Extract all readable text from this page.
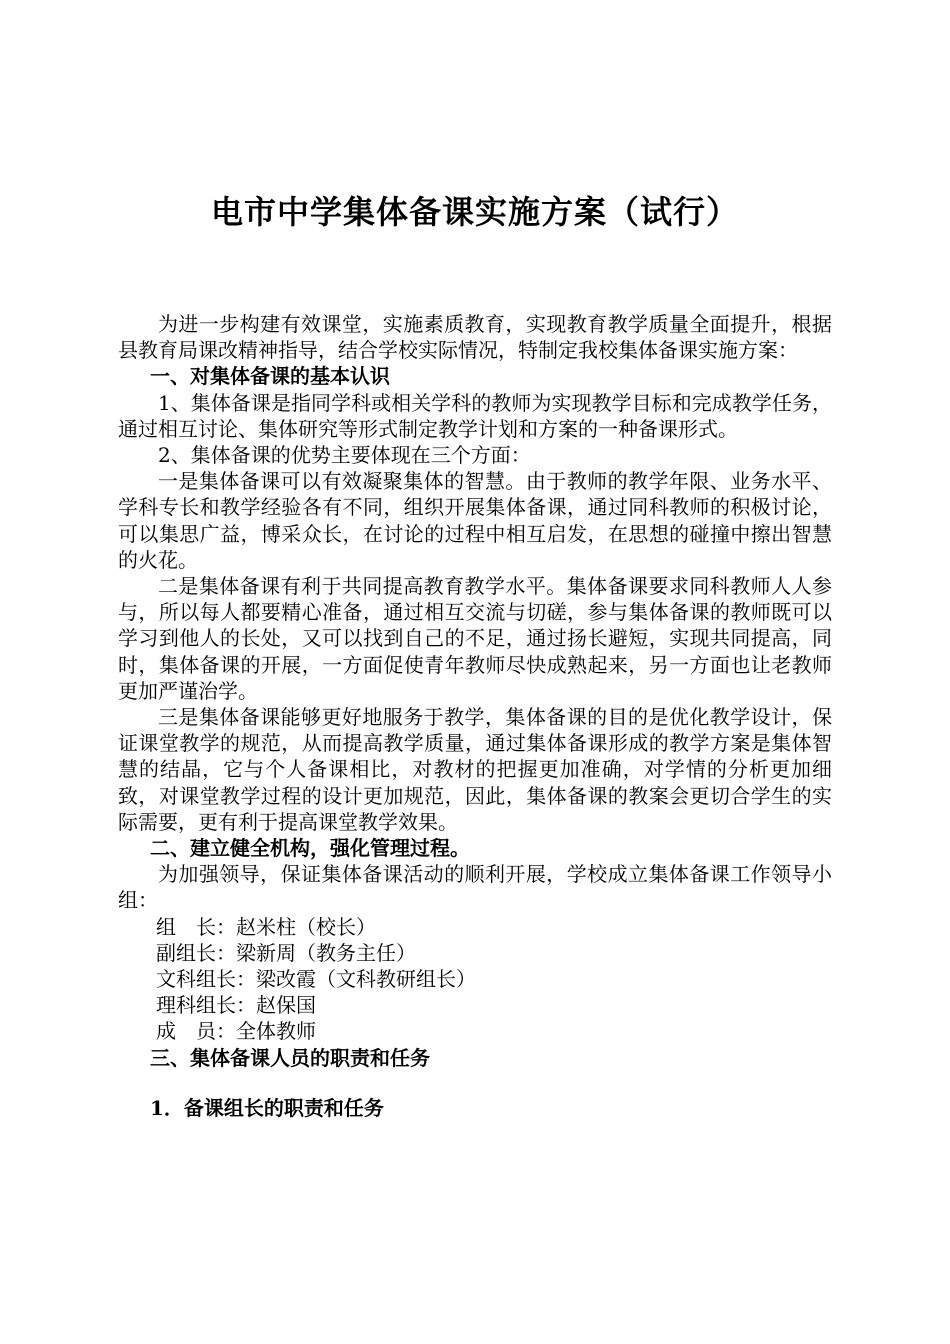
电市中学集体备课实施方案（试行）

为进一步构建有效课堂，实施素质教育，实现教育教学质量全面提升，根据县教育局课改精神指导，结合学校实际情况，特制定我校集体备课实施方案：

一、对集体备课的基本认识

1、集体备课是指同学科或相关学科的教师为实现教学目标和完成教学任务，通过相互讨论、集体研究等形式制定教学计划和方案的一种备课形式。

2、集体备课的优势主要体现在三个方面：

一是集体备课可以有效凝聚集体的智慧。由于教师的教学年限、业务水平、学科专长和教学经验各有不同，组织开展集体备课，通过同科教师的积极讨论，可以集思广益，博采众长，在讨论的过程中相互启发，在思想的碰撞中擦出智慧的火花。

二是集体备课有利于共同提高教育教学水平。集体备课要求同科教师人人参与，所以每人都要精心准备，通过相互交流与切磋，参与集体备课的教师既可以学习到他人的长处，又可以找到自己的不足，通过扬长避短，实现共同提高，同时，集体备课的开展，一方面促使青年教师尽快成熟起来，另一方面也让老教师更加严谨治学。

三是集体备课能够更好地服务于教学，集体备课的目的是优化教学设计，保证课堂教学的规范，从而提高教学质量，通过集体备课形成的教学方案是集体智慧的结晶，它与个人备课相比，对教材的把握更加准确，对学情的分析更加细致，对课堂教学过程的设计更加规范，因此，集体备课的教案会更切合学生的实际需要，更有利于提高课堂教学效果。

二、建立健全机构，强化管理过程。

为加强领导，保证集体备课活动的顺利开展，学校成立集体备课工作领导小组：

组　长：赵米柱（校长）
副组长：梁新周（教务主任）
文科组长：梁改霞（文科教研组长）
理科组长：赵保国
成　员：全体教师

三、集体备课人员的职责和任务

1．备课组长的职责和任务
